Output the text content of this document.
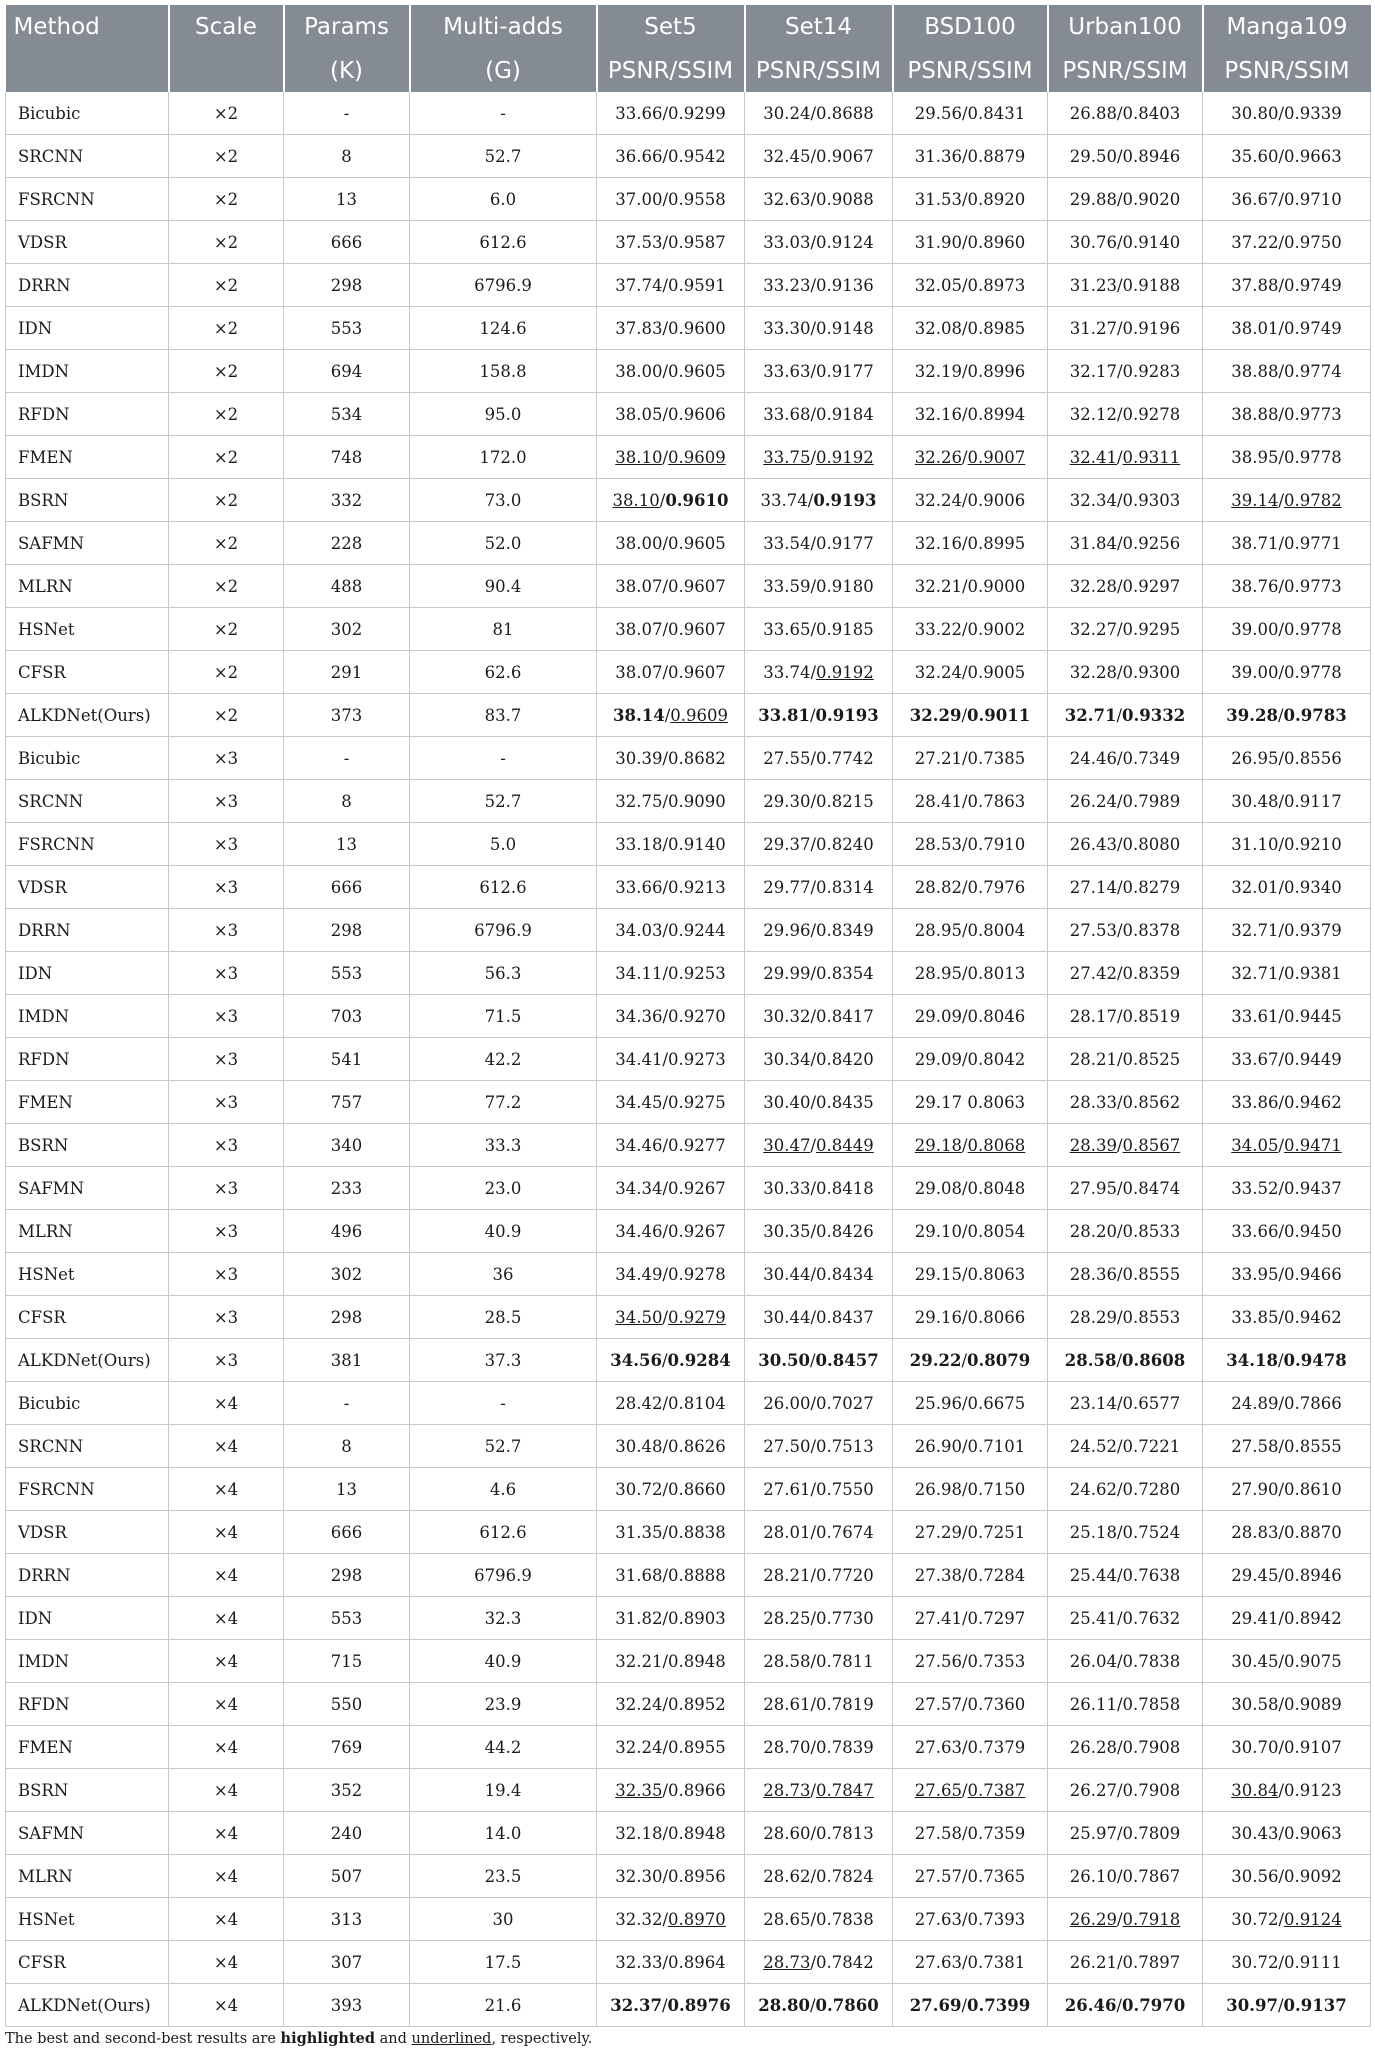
Method	Scale	Params	Multi-adds	Set5	Set14	BSD100	Urban100	Manga109
		(K)	(G)	PSNR/SSIM	PSNR/SSIM	PSNR/SSIM	PSNR/SSIM	PSNR/SSIM
Bicubic	×2	-	-	33.66/0.9299	30.24/0.8688	29.56/0.8431	26.88/0.8403	30.80/0.9339
SRCNN	×2	8	52.7	36.66/0.9542	32.45/0.9067	31.36/0.8879	29.50/0.8946	35.60/0.9663
FSRCNN	×2	13	6.0	37.00/0.9558	32.63/0.9088	31.53/0.8920	29.88/0.9020	36.67/0.9710
VDSR	×2	666	612.6	37.53/0.9587	33.03/0.9124	31.90/0.8960	30.76/0.9140	37.22/0.9750
DRRN	×2	298	6796.9	37.74/0.9591	33.23/0.9136	32.05/0.8973	31.23/0.9188	37.88/0.9749
IDN	×2	553	124.6	37.83/0.9600	33.30/0.9148	32.08/0.8985	31.27/0.9196	38.01/0.9749
IMDN	×2	694	158.8	38.00/0.9605	33.63/0.9177	32.19/0.8996	32.17/0.9283	38.88/0.9774
RFDN	×2	534	95.0	38.05/0.9606	33.68/0.9184	32.16/0.8994	32.12/0.9278	38.88/0.9773
FMEN	×2	748	172.0	38.10/0.9609	33.75/0.9192	32.26/0.9007	32.41/0.9311	38.95/0.9778
BSRN	×2	332	73.0	38.10/0.9610	33.74/0.9193	32.24/0.9006	32.34/0.9303	39.14/0.9782
SAFMN	×2	228	52.0	38.00/0.9605	33.54/0.9177	32.16/0.8995	31.84/0.9256	38.71/0.9771
MLRN	×2	488	90.4	38.07/0.9607	33.59/0.9180	32.21/0.9000	32.28/0.9297	38.76/0.9773
HSNet	×2	302	81	38.07/0.9607	33.65/0.9185	33.22/0.9002	32.27/0.9295	39.00/0.9778
CFSR	×2	291	62.6	38.07/0.9607	33.74/0.9192	32.24/0.9005	32.28/0.9300	39.00/0.9778
ALKDNet(Ours)	×2	373	83.7	38.14/0.9609	33.81/0.9193	32.29/0.9011	32.71/0.9332	39.28/0.9783
Bicubic	×3	-	-	30.39/0.8682	27.55/0.7742	27.21/0.7385	24.46/0.7349	26.95/0.8556
SRCNN	×3	8	52.7	32.75/0.9090	29.30/0.8215	28.41/0.7863	26.24/0.7989	30.48/0.9117
FSRCNN	×3	13	5.0	33.18/0.9140	29.37/0.8240	28.53/0.7910	26.43/0.8080	31.10/0.9210
VDSR	×3	666	612.6	33.66/0.9213	29.77/0.8314	28.82/0.7976	27.14/0.8279	32.01/0.9340
DRRN	×3	298	6796.9	34.03/0.9244	29.96/0.8349	28.95/0.8004	27.53/0.8378	32.71/0.9379
IDN	×3	553	56.3	34.11/0.9253	29.99/0.8354	28.95/0.8013	27.42/0.8359	32.71/0.9381
IMDN	×3	703	71.5	34.36/0.9270	30.32/0.8417	29.09/0.8046	28.17/0.8519	33.61/0.9445
RFDN	×3	541	42.2	34.41/0.9273	30.34/0.8420	29.09/0.8042	28.21/0.8525	33.67/0.9449
FMEN	×3	757	77.2	34.45/0.9275	30.40/0.8435	29.17 0.8063	28.33/0.8562	33.86/0.9462
BSRN	×3	340	33.3	34.46/0.9277	30.47/0.8449	29.18/0.8068	28.39/0.8567	34.05/0.9471
SAFMN	×3	233	23.0	34.34/0.9267	30.33/0.8418	29.08/0.8048	27.95/0.8474	33.52/0.9437
MLRN	×3	496	40.9	34.46/0.9267	30.35/0.8426	29.10/0.8054	28.20/0.8533	33.66/0.9450
HSNet	×3	302	36	34.49/0.9278	30.44/0.8434	29.15/0.8063	28.36/0.8555	33.95/0.9466
CFSR	×3	298	28.5	34.50/0.9279	30.44/0.8437	29.16/0.8066	28.29/0.8553	33.85/0.9462
ALKDNet(Ours)	×3	381	37.3	34.56/0.9284	30.50/0.8457	29.22/0.8079	28.58/0.8608	34.18/0.9478
Bicubic	×4	-	-	28.42/0.8104	26.00/0.7027	25.96/0.6675	23.14/0.6577	24.89/0.7866
SRCNN	×4	8	52.7	30.48/0.8626	27.50/0.7513	26.90/0.7101	24.52/0.7221	27.58/0.8555
FSRCNN	×4	13	4.6	30.72/0.8660	27.61/0.7550	26.98/0.7150	24.62/0.7280	27.90/0.8610
VDSR	×4	666	612.6	31.35/0.8838	28.01/0.7674	27.29/0.7251	25.18/0.7524	28.83/0.8870
DRRN	×4	298	6796.9	31.68/0.8888	28.21/0.7720	27.38/0.7284	25.44/0.7638	29.45/0.8946
IDN	×4	553	32.3	31.82/0.8903	28.25/0.7730	27.41/0.7297	25.41/0.7632	29.41/0.8942
IMDN	×4	715	40.9	32.21/0.8948	28.58/0.7811	27.56/0.7353	26.04/0.7838	30.45/0.9075
RFDN	×4	550	23.9	32.24/0.8952	28.61/0.7819	27.57/0.7360	26.11/0.7858	30.58/0.9089
FMEN	×4	769	44.2	32.24/0.8955	28.70/0.7839	27.63/0.7379	26.28/0.7908	30.70/0.9107
BSRN	×4	352	19.4	32.35/0.8966	28.73/0.7847	27.65/0.7387	26.27/0.7908	30.84/0.9123
SAFMN	×4	240	14.0	32.18/0.8948	28.60/0.7813	27.58/0.7359	25.97/0.7809	30.43/0.9063
MLRN	×4	507	23.5	32.30/0.8956	28.62/0.7824	27.57/0.7365	26.10/0.7867	30.56/0.9092
HSNet	×4	313	30	32.32/0.8970	28.65/0.7838	27.63/0.7393	26.29/0.7918	30.72/0.9124
CFSR	×4	307	17.5	32.33/0.8964	28.73/0.7842	27.63/0.7381	26.21/0.7897	30.72/0.9111
ALKDNet(Ours)	×4	393	21.6	32.37/0.8976	28.80/0.7860	27.69/0.7399	26.46/0.7970	30.97/0.9137
The best and second-best results are highlighted and underlined, respectively.
